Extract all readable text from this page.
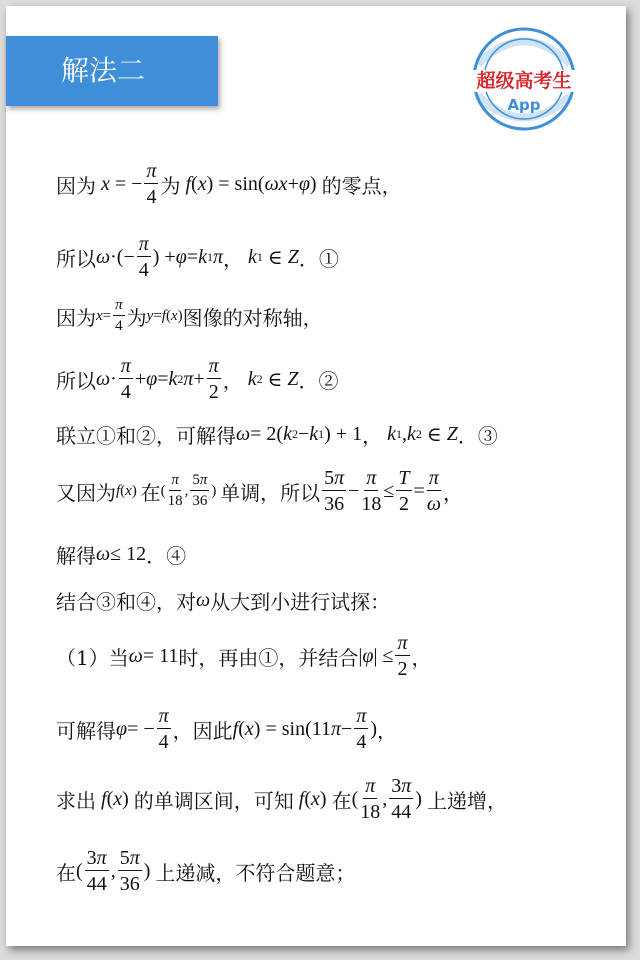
解法二	超级高考生
App
因为 x = − $\frac{\pi}{4}$ 为 f ( x ) = sin( ωx + φ ) 的零点，
所以 ω ·(− $\frac{\pi}{4}$ ) + φ = k 1 π ， k 1 ∈ Z ．①
因为 $x = \frac{\pi}{4}$ 为 y = f ( x ) 图像的对称轴，
所以 $\omega \cdot \frac{\pi}{4} + \varphi = k$ 2 $\pi + \frac{\pi}{2}$ ， k 2 ∈ Z ．②
联立①和②，可解得 ω = 2( k 2 − k 1 ) + 1 ， k 1 , k 2 ∈ Z ．③
又因为 f ( x ) 在 ( $\frac{\pi}{18}$ , $\frac{5\pi}{36}$ ) 单调，所以 $\frac{5\pi}{36} - \frac{\pi}{18} \le \frac{T}{2} = \frac{\pi}{\omega}$ ，
解得 ω ≤ 12 ．④
结合③和④，对 ω 从大到小进行试探：
（1）当 ω = 11 时，再由①，并结合 | φ | ≤ $\frac{\pi}{2}$ ，
可解得 φ = − $\frac{\pi}{4}$ ，因此 f ( x ) = sin(11 $\pi - \frac{\pi}{4}$ ) ，
求出 f ( x ) 的单调区间，可知 f ( x ) 在 ( $\frac{\pi}{18}$ , $\frac{3\pi}{44}$ ) 上递增，
在 ( $\frac{3\pi}{44}$ , $\frac{5\pi}{36}$ ) 上递减，不符合题意；
